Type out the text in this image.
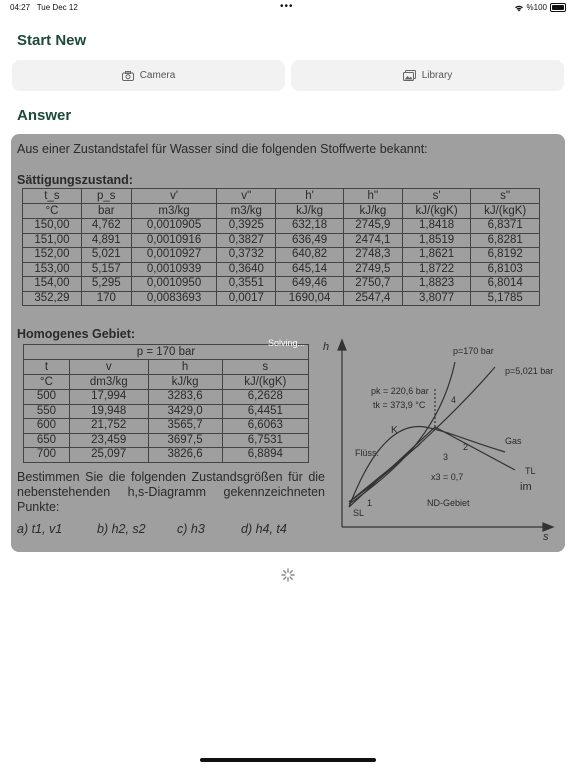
04:27 Tue Dec 12	•••	%100
Start New
Camera	Library
Answer
Aus einer Zustandstafel für Wasser sind die folgenden Stoffwerte bekannt:
Sättigungszustand:
t_s	p_s	v'	v''	h'	h''	s'	s''
°C	bar	m3/kg	m3/kg	kJ/kg	kJ/kg	kJ/(kgK)	kJ/(kgK)
150,00	4,762	0,0010905	0,3925	632,18	2745,9	1,8418	6,8371
151,00	4,891	0,0010916	0,3827	636,49	2474,1	1,8519	6,8281
152,00	5,021	0,0010927	0,3732	640,82	2748,3	1,8621	6,8192
153,00	5,157	0,0010939	0,3640	645,14	2749,5	1,8722	6,8103
154,00	5,295	0,0010950	0,3551	649,46	2750,7	1,8823	6,8014
352,29	170	0,0083693	0,0017	1690,04	2547,4	3,8077	5,1785
Homogenes Gebiet:
p = 170 bar			
t	v	h	s
°C	dm3/kg	kJ/kg	kJ/(kgK)
500	17,994	3283,6	6,2628
550	19,948	3429,0	6,4451
600	21,752	3565,7	6,6063
650	23,459	3697,5	6,7531
700	25,097	3826,6	6,8894
Bestimmen Sie die folgenden Zustandsgrößen für die nebenstehenden h,s-Diagramm gekennzeichneten Punkte:
a) t1, v1	b) h2, s2	c) h3	d) h4, t4
h
s
p=170 bar
p=5,021 bar
pk = 220,6 bar
tk = 373,9 °C
K
Flüss.
Gas
TL
im
ND-Gebiet
SL
x3 = 0,7
1
2
3
4
Solving...
